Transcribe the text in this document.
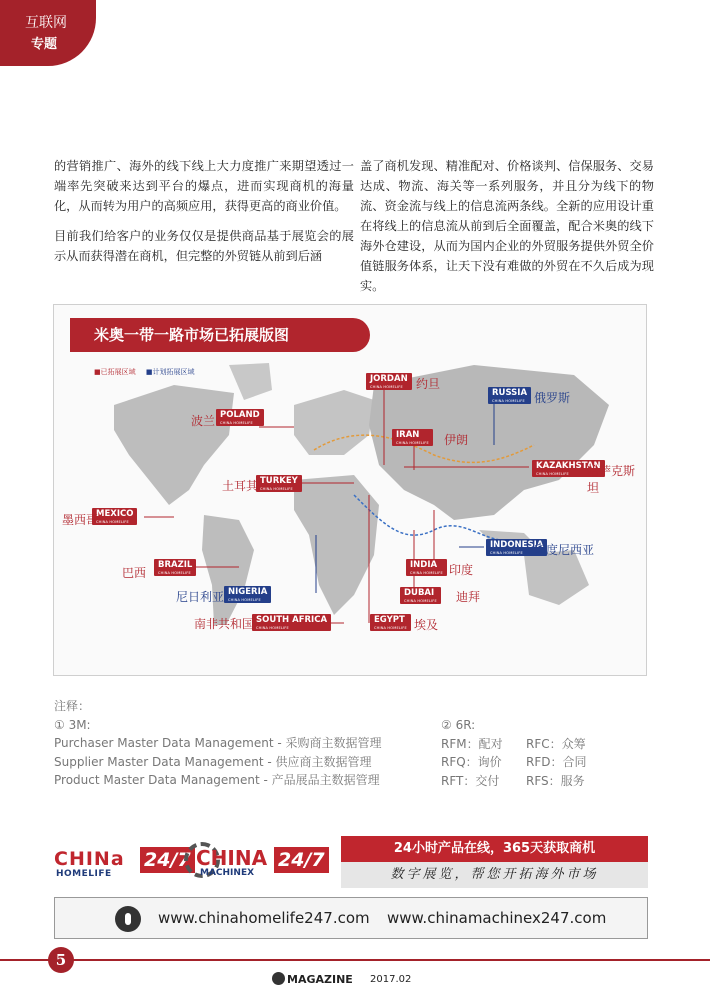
互联网
专题

的营销推广、海外的线下线上大力度推广来期望透过一端率先突破来达到平台的爆点，进而实现商机的海量化，从而转为用户的高频应用，获得更高的商业价值。

目前我们给客户的业务仅仅是提供商品基于展览会的展示从而获得潜在商机，但完整的外贸链从前到后涵

盖了商机发现、精准配对、价格谈判、信保服务、交易达成、物流、海关等一系列服务，并且分为线下的物流、资金流与线上的信息流两条线。全新的应用设计重在将线上的信息流从前到后全面覆盖，配合米奥的线下海外仓建设，从而为国内企业的外贸服务提供外贸全价值链服务体系，让天下没有难做的外贸在不久后成为现实。

米奥一带一路市场已拓展版图
■已拓展区域 ■计划拓展区域
JORDAN
CHINA HOMELIFE	约旦
RUSSIA
CHINA HOMELIFE 俄罗斯
POLAND
CHINA HOMELIFE
波兰
IRAN
CHINA HOMELIFE 伊朗
KAZAKHSTAN
CHINA HOMELIFE	哈萨克斯坦
TURKEY
CHINA HOMELIFE
土耳其
MEXICO
CHINA HOMELIFE
墨西哥
INDONESIA
CHINA HOMELIFE 印度尼西亚
INDIA
CHINA HOMELIFE 印度
BRAZIL
CHINA HOMELIFE
巴西
DUBAI
CHINA HOMELIFE 迪拜
NIGERIA
CHINA HOMELIFE
尼日利亚
SOUTH AFRICA
CHINA HOMELIFE
南非共和国	EGYPT
CHINA HOMELIFE 埃及
注释：
① 3M:
Purchaser Master Data Management - 采购商主数据管理
Supplier Master Data Management - 供应商主数据管理
Product Master Data Management - 产品展品主数据管理
② 6R:
RFM：配对 RFC：众筹
RFQ：询价 RFD：合同
RFT：交付 RFS：服务
CHINa
HOMELIFE
24/7 CHINA
MACHINEX
24/7
24小时产品在线，365天获取商机
数字展览，帮您开拓海外市场
www.chinahomelife247.com www.chinamachinex247.com
5
MAGAZINE 2017.02
